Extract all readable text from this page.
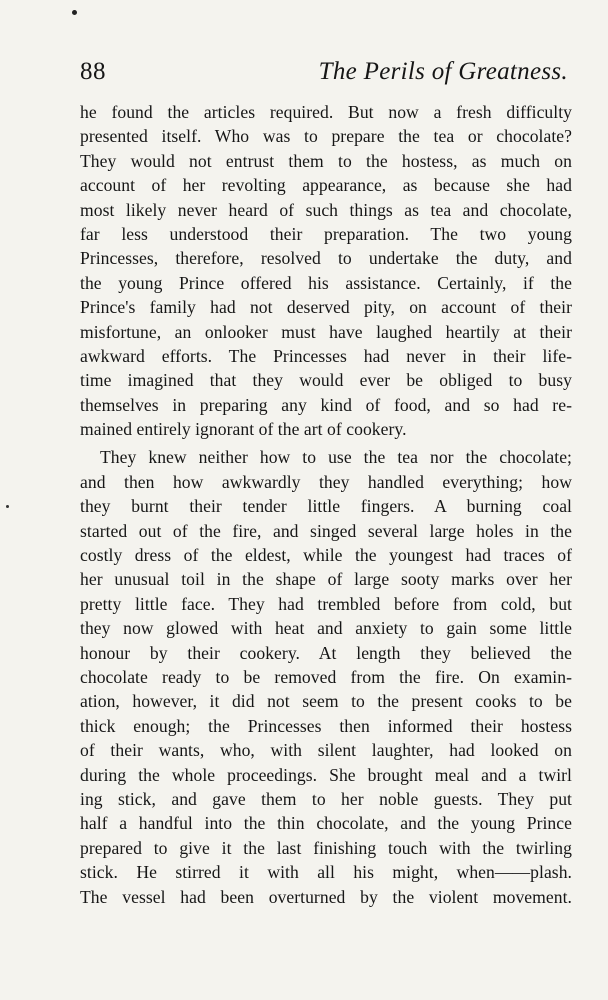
88	The Perils of Greatness.
he found the articles required. But now a fresh difficulty
presented itself. Who was to prepare the tea or chocolate?
They would not entrust them to the hostess, as much on
account of her revolting appearance, as because she had
most likely never heard of such things as tea and chocolate,
far less understood their preparation. The two young
Princesses, therefore, resolved to undertake the duty, and
the young Prince offered his assistance. Certainly, if the
Prince's family had not deserved pity, on account of their
misfortune, an onlooker must have laughed heartily at their
awkward efforts. The Princesses had never in their life-
time imagined that they would ever be obliged to busy
themselves in preparing any kind of food, and so had re-
mained entirely ignorant of the art of cookery.
They knew neither how to use the tea nor the chocolate;
and then how awkwardly they handled everything; how
they burnt their tender little fingers. A burning coal
started out of the fire, and singed several large holes in the
costly dress of the eldest, while the youngest had traces of
her unusual toil in the shape of large sooty marks over her
pretty little face. They had trembled before from cold, but
they now glowed with heat and anxiety to gain some little
honour by their cookery. At length they believed the
chocolate ready to be removed from the fire. On examin-
ation, however, it did not seem to the present cooks to be
thick enough; the Princesses then informed their hostess
of their wants, who, with silent laughter, had looked on
during the whole proceedings. She brought meal and a twirl
ing stick, and gave them to her noble guests. They put
half a handful into the thin chocolate, and the young Prince
prepared to give it the last finishing touch with the twirling
stick. He stirred it with all his might, when——plash.
The vessel had been overturned by the violent movement.
